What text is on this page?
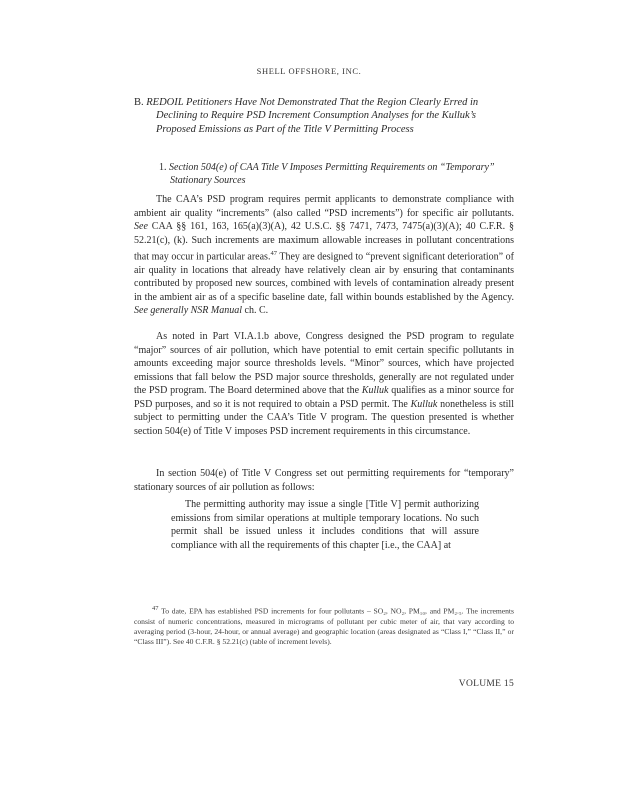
SHELL OFFSHORE, INC.
B. REDOIL Petitioners Have Not Demonstrated That the Region Clearly Erred in Declining to Require PSD Increment Consumption Analyses for the Kulluk’s Proposed Emissions as Part of the Title V Permitting Process
1. Section 504(e) of CAA Title V Imposes Permitting Requirements on “Temporary” Stationary Sources

The CAA’s PSD program requires permit applicants to demonstrate compliance with ambient air quality “increments” (also called “PSD increments”) for specific air pollutants. See CAA §§ 161, 163, 165(a)(3)(A), 42 U.S.C. §§ 7471, 7473, 7475(a)(3)(A); 40 C.F.R. § 52.21(c), (k). Such increments are maximum allowable increases in pollutant concentrations that may occur in particular areas.$^{47}$ They are designed to “prevent significant deterioration” of air quality in locations that already have relatively clean air by ensuring that contaminants contributed by proposed new sources, combined with levels of contamination already present in the ambient air as of a specific baseline date, fall within bounds established by the Agency. See generally NSR Manual ch. C.

As noted in Part VI.A.1.b above, Congress designed the PSD program to regulate “major” sources of air pollution, which have potential to emit certain specific pollutants in amounts exceeding major source thresholds levels. “Minor” sources, which have projected emissions that fall below the PSD major source thresholds, generally are not regulated under the PSD program. The Board determined above that the Kulluk qualifies as a minor source for PSD purposes, and so it is not required to obtain a PSD permit. The Kulluk nonetheless is still subject to permitting under the CAA’s Title V program. The question presented is whether section 504(e) of Title V imposes PSD increment requirements in this circumstance.

In section 504(e) of Title V Congress set out permitting requirements for “temporary” stationary sources of air pollution as follows:

The permitting authority may issue a single [Title V] permit authorizing emissions from similar operations at multiple temporary locations. No such permit shall be issued unless it includes conditions that will assure compliance with all the requirements of this chapter [i.e., the CAA] at

$^{47}$ To date, EPA has established PSD increments for four pollutants – SO₂, NO₂, PM₁₀, and PM₂.₅. The increments consist of numeric concentrations, measured in micrograms of pollutant per cubic meter of air, that vary according to averaging period (3-hour, 24-hour, or annual average) and geographic location (areas designated as “Class I,” “Class II,” or “Class III”). See 40 C.F.R. § 52.21(c) (table of increment levels).

VOLUME 15
